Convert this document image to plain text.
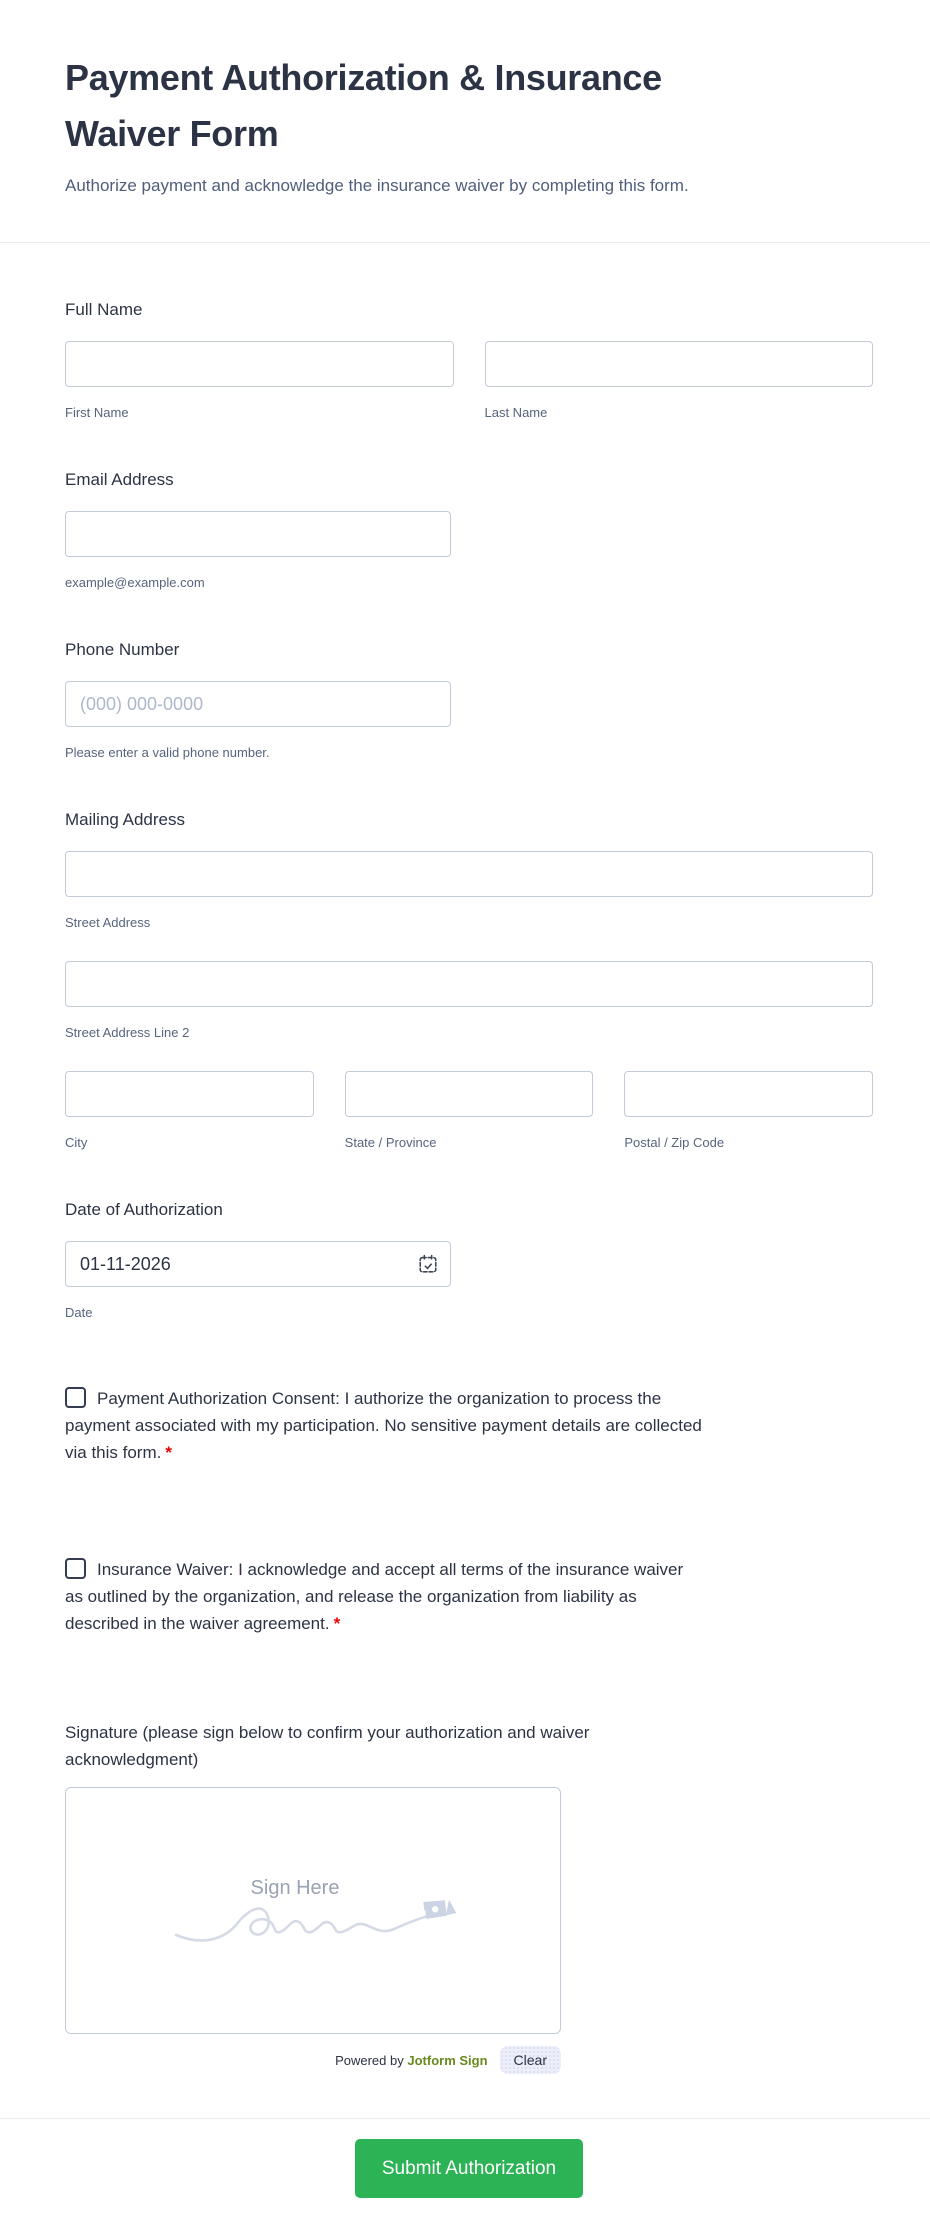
Payment Authorization & Insurance Waiver Form
Authorize payment and acknowledge the insurance waiver by completing this form.
Full Name
First Name	Last Name
Email Address
example@example.com
Phone Number
(000) 000-0000
Please enter a valid phone number.
Mailing Address
Street Address
Street Address Line 2
City	State / Province	Postal / Zip Code
Date of Authorization
01-11-2026
Date

Payment Authorization Consent: I authorize the organization to process the payment associated with my participation. No sensitive payment details are collected via this form. *

Insurance Waiver: I acknowledge and accept all terms of the insurance waiver as outlined by the organization, and release the organization from liability as described in the waiver agreement. *

Signature (please sign below to confirm your authorization and waiver acknowledgment)
Sign Here
Powered by Jotform Sign	Clear
Submit Authorization
